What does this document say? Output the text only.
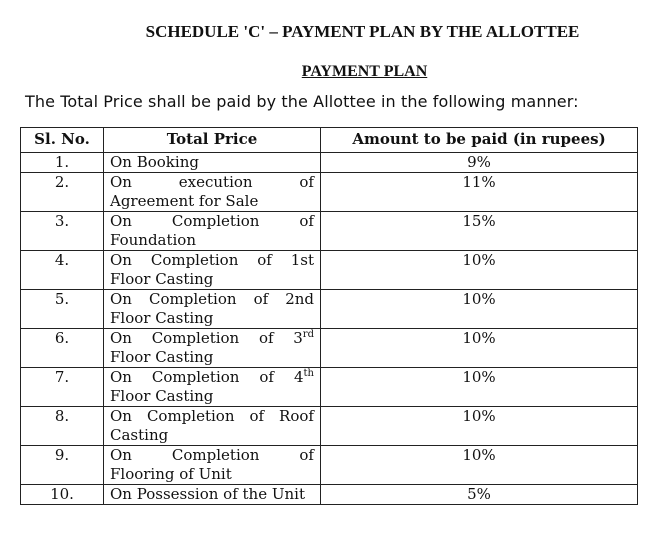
SCHEDULE 'C' – PAYMENT PLAN BY THE ALLOTTEE
PAYMENT PLAN
The Total Price shall be paid by the Allottee in the following manner:
Sl. No.	Total Price	Amount to be paid (in rupees)
1.	On Booking	9%
2.	On execution of
Agreement for Sale	11%
3.	On Completion of
Foundation	15%
4.	On Completion of 1st
Floor Casting	10%
5.	On Completion of 2nd
Floor Casting	10%
6.	On Completion of 3rd
Floor Casting	10%
7.	On Completion of 4th
Floor Casting	10%
8.	On Completion of Roof
Casting	10%
9.	On Completion of
Flooring of Unit	10%
10.	On Possession of the Unit	5%
